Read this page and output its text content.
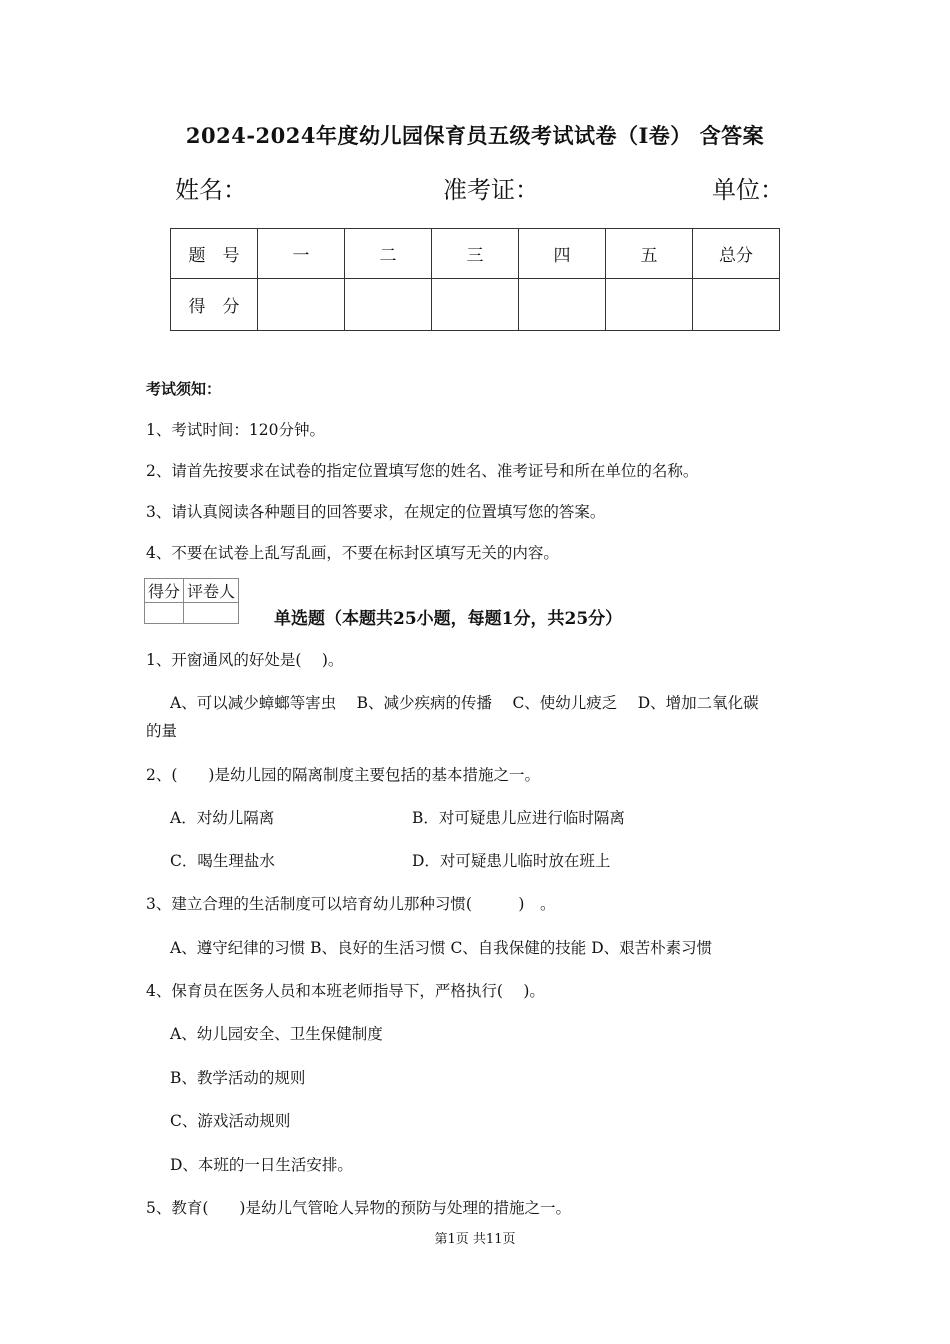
2024-2024年度幼儿园保育员五级考试试卷（I卷） 含答案
姓名：	准考证：	单位：
题　号	一	二	三	四	五	总分
得　分						
考试须知：
1、考试时间：120分钟。
2、请首先按要求在试卷的指定位置填写您的姓名、准考证号和所在单位的名称。
3、请认真阅读各种题目的回答要求，在规定的位置填写您的答案。
4、不要在试卷上乱写乱画，不要在标封区填写无关的内容。
得分	评卷人

单选题（本题共25小题，每题1分，共25分）
1、开窗通风的好处是(　 )。
A、可以减少蟑螂等害虫　 B、减少疾病的传播　 C、使幼儿疲乏　 D、增加二氧化碳
的量
2、(　　)是幼儿园的隔离制度主要包括的基本措施之一。
A．对幼儿隔离	B．对可疑患儿应进行临时隔离
C．喝生理盐水	D．对可疑患儿临时放在班上
3、建立合理的生活制度可以培育幼儿那种习惯(　　　)　。
A、遵守纪律的习惯 B、良好的生活习惯 C、自我保健的技能 D、艰苦朴素习惯
4、保育员在医务人员和本班老师指导下，严格执行(　 )。
A、幼儿园安全、卫生保健制度
B、教学活动的规则
C、游戏活动规则
D、本班的一日生活安排。
5、教育(　　)是幼儿气管呛人异物的预防与处理的措施之一。
第1页 共11页
